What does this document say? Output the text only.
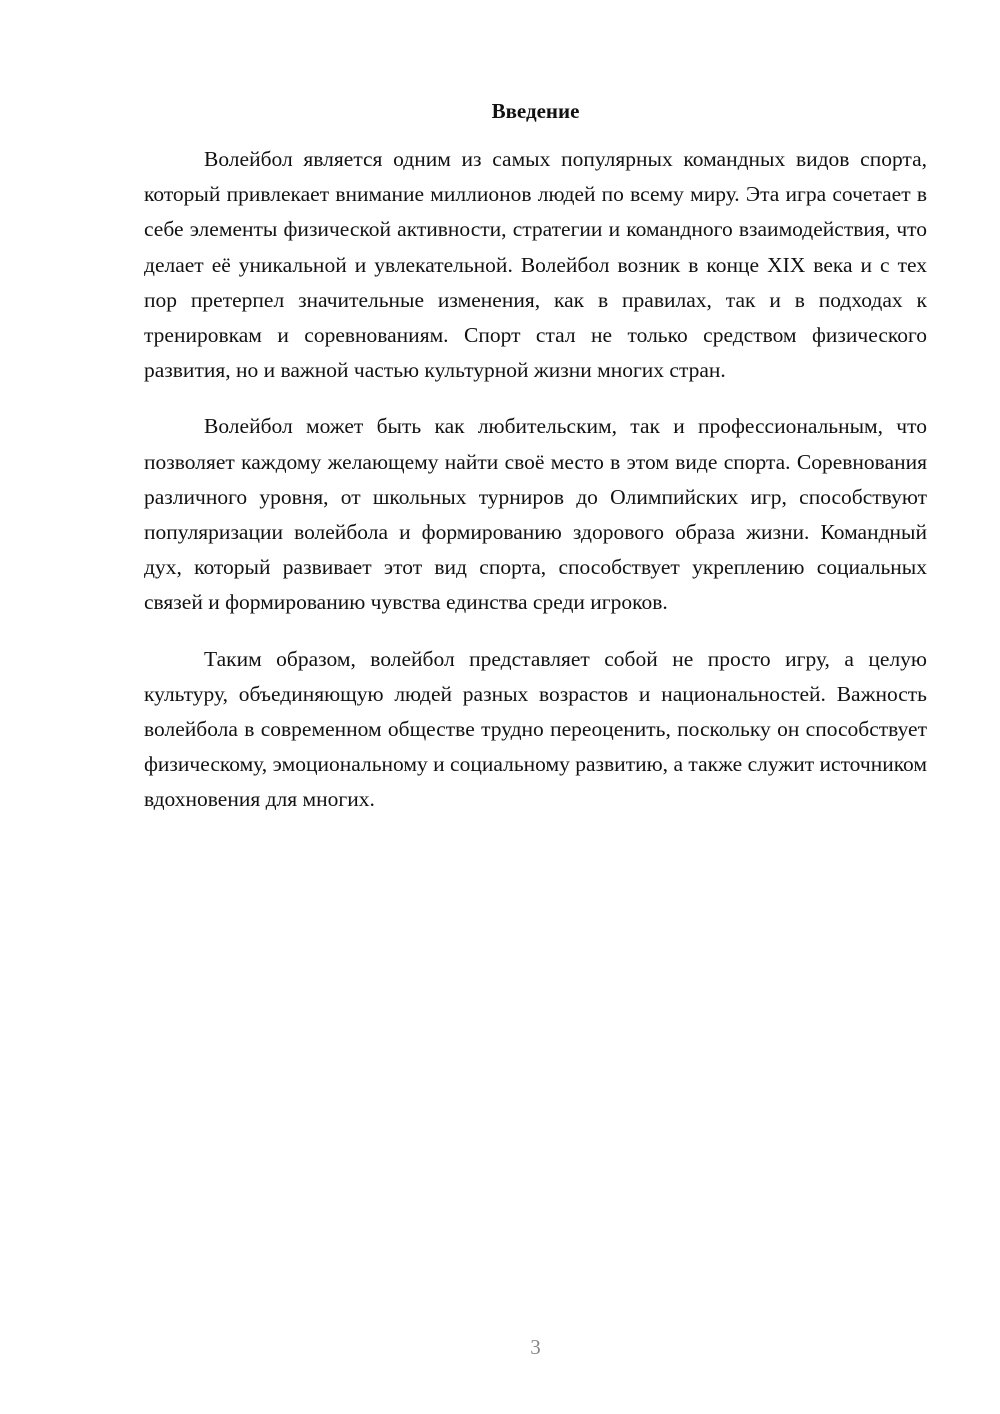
Введение

Волейбол является одним из самых популярных командных видов спорта, который привлекает внимание миллионов людей по всему миру. Эта игра сочетает в себе элементы физической активности, стратегии и командного взаимодействия, что делает её уникальной и увлекательной. Волейбол возник в конце XIX века и с тех пор претерпел значительные изменения, как в правилах, так и в подходах к тренировкам и соревнованиям. Спорт стал не только средством физического развития, но и важной частью культурной жизни многих стран.

Волейбол может быть как любительским, так и профессиональным, что позволяет каждому желающему найти своё место в этом виде спорта. Соревнования различного уровня, от школьных турниров до Олимпийских игр, способствуют популяризации волейбола и формированию здорового образа жизни. Командный дух, который развивает этот вид спорта, способствует укреплению социальных связей и формированию чувства единства среди игроков.

Таким образом, волейбол представляет собой не просто игру, а целую культуру, объединяющую людей разных возрастов и национальностей. Важность волейбола в современном обществе трудно переоценить, поскольку он способствует физическому, эмоциональному и социальному развитию, а также служит источником вдохновения для многих.

3
